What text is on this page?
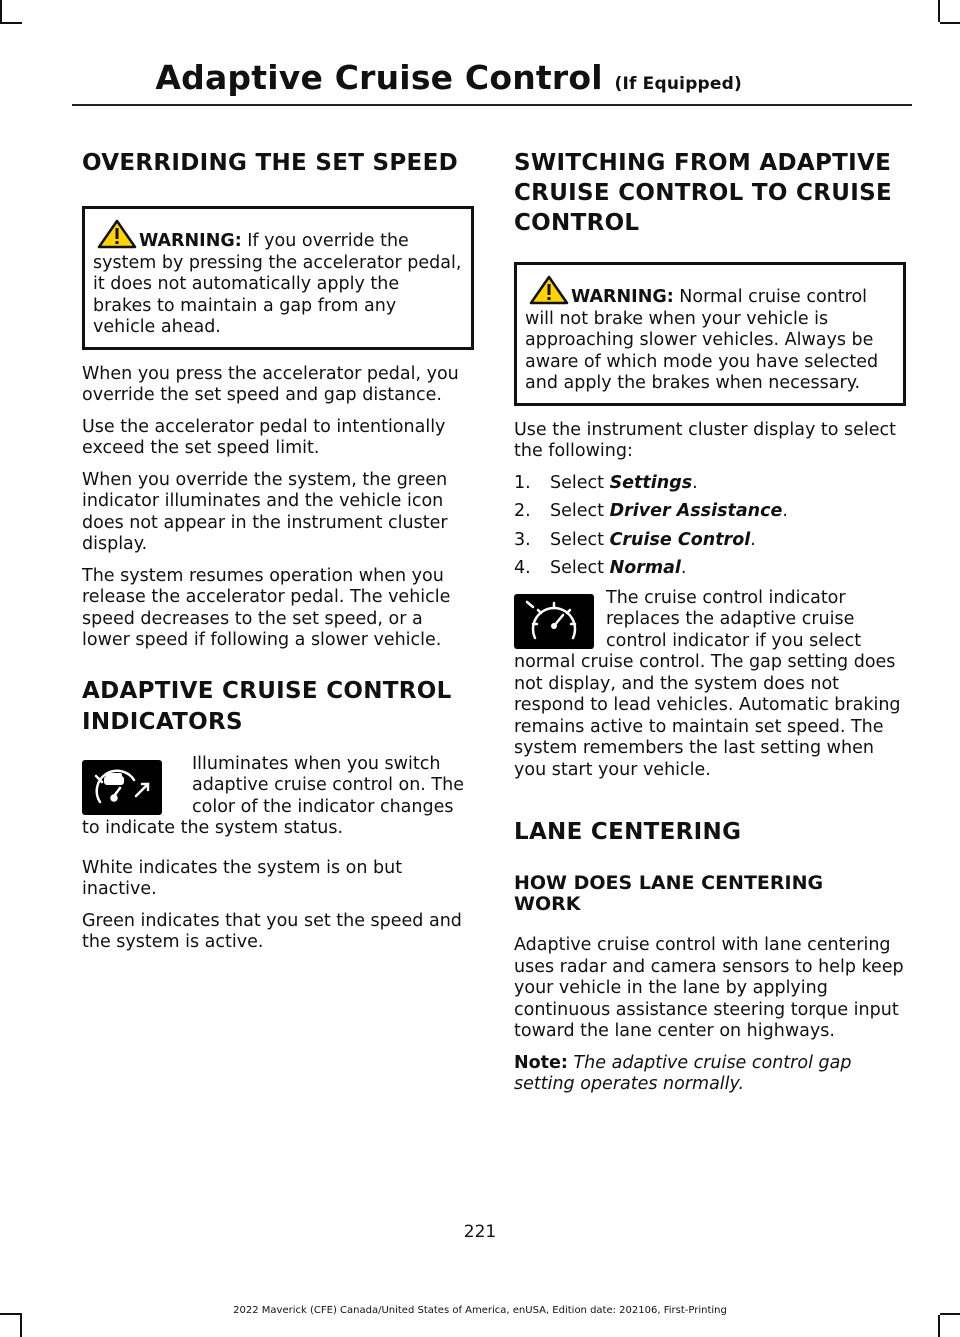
Adaptive Cruise Control (If Equipped)
OVERRIDING THE SET SPEED
WARNING: If you override the system by pressing the accelerator pedal, it does not automatically apply the brakes to maintain a gap from any vehicle ahead.

When you press the accelerator pedal, you override the set speed and gap distance.

Use the accelerator pedal to intentionally exceed the set speed limit.

When you override the system, the green indicator illuminates and the vehicle icon does not appear in the instrument cluster display.

The system resumes operation when you release the accelerator pedal. The vehicle speed decreases to the set speed, or a lower speed if following a slower vehicle.

ADAPTIVE CRUISE CONTROL
INDICATORS

Illuminates when you switch adaptive cruise control on. The color of the indicator changes to indicate the system status.

White indicates the system is on but inactive.

Green indicates that you set the speed and the system is active.

SWITCHING FROM ADAPTIVE
CRUISE CONTROL TO CRUISE
CONTROL
WARNING: Normal cruise control will not brake when your vehicle is approaching slower vehicles. Always be aware of which mode you have selected and apply the brakes when necessary.

Use the instrument cluster display to select the following:

1.	Select Settings.
2.	Select Driver Assistance.
3.	Select Cruise Control.
4.	Select Normal.

The cruise control indicator replaces the adaptive cruise control indicator if you select normal cruise control. The gap setting does not display, and the system does not respond to lead vehicles. Automatic braking remains active to maintain set speed. The system remembers the last setting when you start your vehicle.

LANE CENTERING
HOW DOES LANE CENTERING
WORK

Adaptive cruise control with lane centering uses radar and camera sensors to help keep your vehicle in the lane by applying continuous assistance steering torque input toward the lane center on highways.

Note: The adaptive cruise control gap setting operates normally.

221
2022 Maverick (CFE) Canada/United States of America, enUSA, Edition date: 202106, First-Printing
